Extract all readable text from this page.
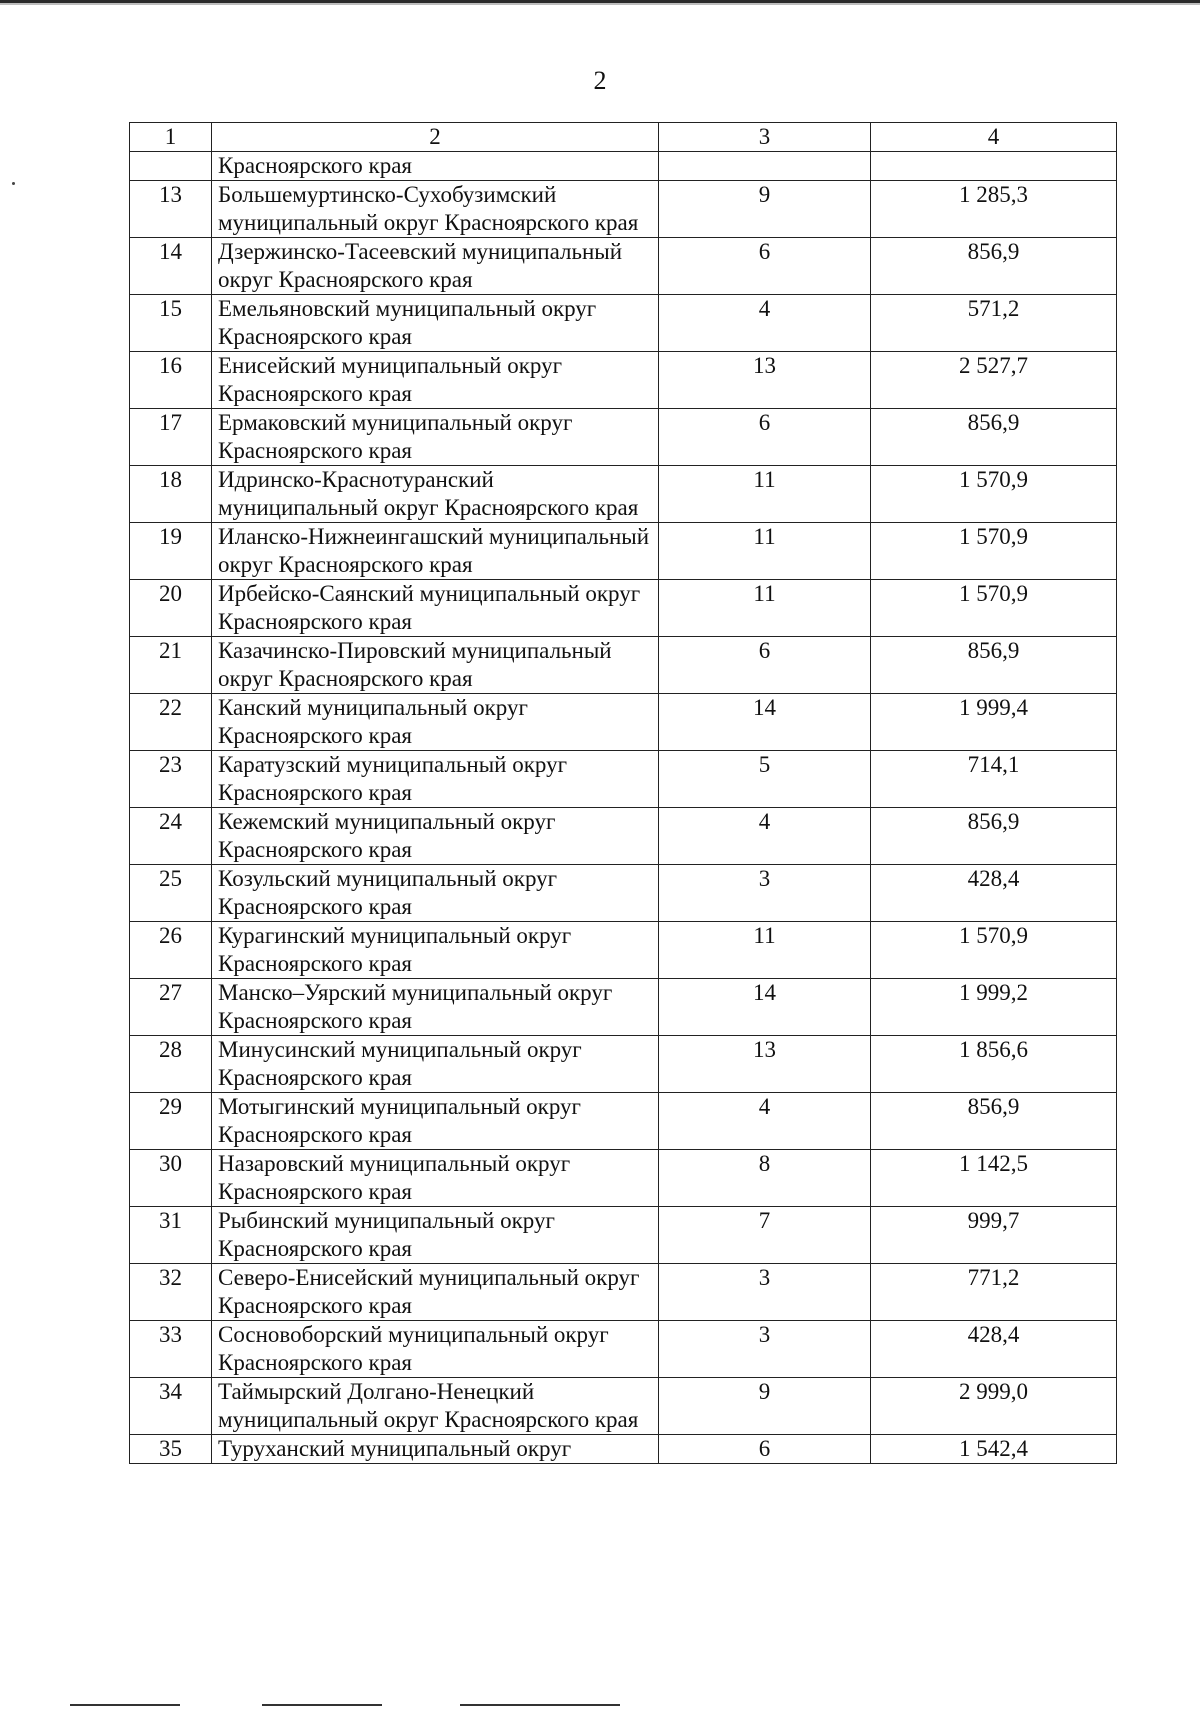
2
1	2	3	4
	Красноярского края		
13	Большемуртинско-Сухобузимский муниципальный округ Красноярского края	9	1 285,3
14	Дзержинско-Тасеевский муниципальный округ Красноярского края	6	856,9
15	Емельяновский муниципальный округ Красноярского края	4	571,2
16	Енисейский муниципальный округ Красноярского края	13	2 527,7
17	Ермаковский муниципальный округ Красноярского края	6	856,9
18	Идринско-Краснотуранский муниципальный округ Красноярского края	11	1 570,9
19	Иланско-Нижнеингашский муниципальный округ Красноярского края	11	1 570,9
20	Ирбейско-Саянский муниципальный округ Красноярского края	11	1 570,9
21	Казачинско-Пировский муниципальный округ Красноярского края	6	856,9
22	Канский муниципальный округ Красноярского края	14	1 999,4
23	Каратузский муниципальный округ Красноярского края	5	714,1
24	Кежемский муниципальный округ Красноярского края	4	856,9
25	Козульский муниципальный округ Красноярского края	3	428,4
26	Курагинский муниципальный округ Красноярского края	11	1 570,9
27	Манско–Уярский муниципальный округ Красноярского края	14	1 999,2
28	Минусинский муниципальный округ Красноярского края	13	1 856,6
29	Мотыгинский муниципальный округ Красноярского края	4	856,9
30	Назаровский муниципальный округ Красноярского края	8	1 142,5
31	Рыбинский муниципальный округ Красноярского края	7	999,7
32	Северо-Енисейский муниципальный округ Красноярского края	3	771,2
33	Сосновоборский муниципальный округ Красноярского края	3	428,4
34	Таймырский Долгано-Ненецкий муниципальный округ Красноярского края	9	2 999,0
35	Туруханский муниципальный округ	6	1 542,4
